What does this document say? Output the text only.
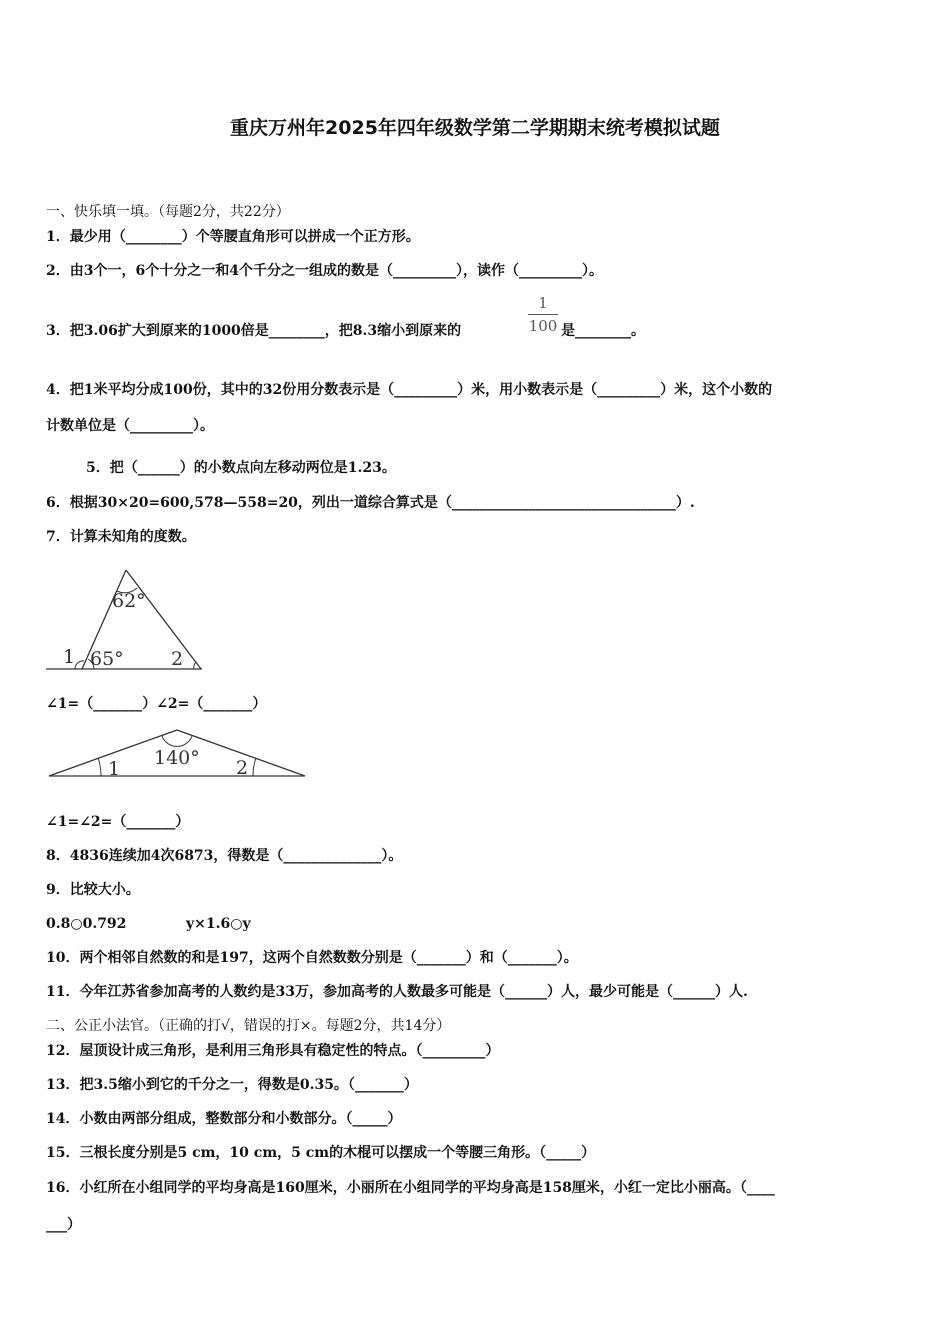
重庆万州年2025年四年级数学第二学期期末统考模拟试题
一、快乐填一填。（每题2分，共22分）
1．最少用（________）个等腰直角形可以拼成一个正方形。
2．由3个一，6个十分之一和4个千分之一组成的数是（_________），读作（_________）。
3．把3.06扩大到原来的1000倍是________，把8.3缩小到原来的
1
100 是________。
4．把1米平均分成100份，其中的32份用分数表示是（_________）米，用小数表示是（_________）米，这个小数的
计数单位是（_________）。
5．把（______）的小数点向左移动两位是1.23。
6．根据30×20=600,578—558=20，列出一道综合算式是（________________________________）.
7．计算未知角的度数。
62°
65°
1	2
∠1=（_______）∠2=（_______）
140°
1	2
∠1=∠2=（_______）
8．4836连续加4次6873，得数是（______________）。
9．比较大小。
0.8○0.792	y×1.6○y
10．两个相邻自然数的和是197，这两个自然数数分别是（_______）和（_______）。
11．今年江苏省参加高考的人数约是33万，参加高考的人数最多可能是（______）人，最少可能是（______）人.
二、公正小法官。（正确的打√，错误的打×。每题2分，共14分）
12．屋顶设计成三角形，是利用三角形具有稳定性的特点。（_________）
13．把3.5缩小到它的千分之一，得数是0.35。（_______）
14．小数由两部分组成，整数部分和小数部分。（_____）
15．三根长度分别是5 cm，10 cm，5 cm的木棍可以摆成一个等腰三角形。（_____）
16．小红所在小组同学的平均身高是160厘米，小丽所在小组同学的平均身高是158厘米，小红一定比小丽高。（____
___）
